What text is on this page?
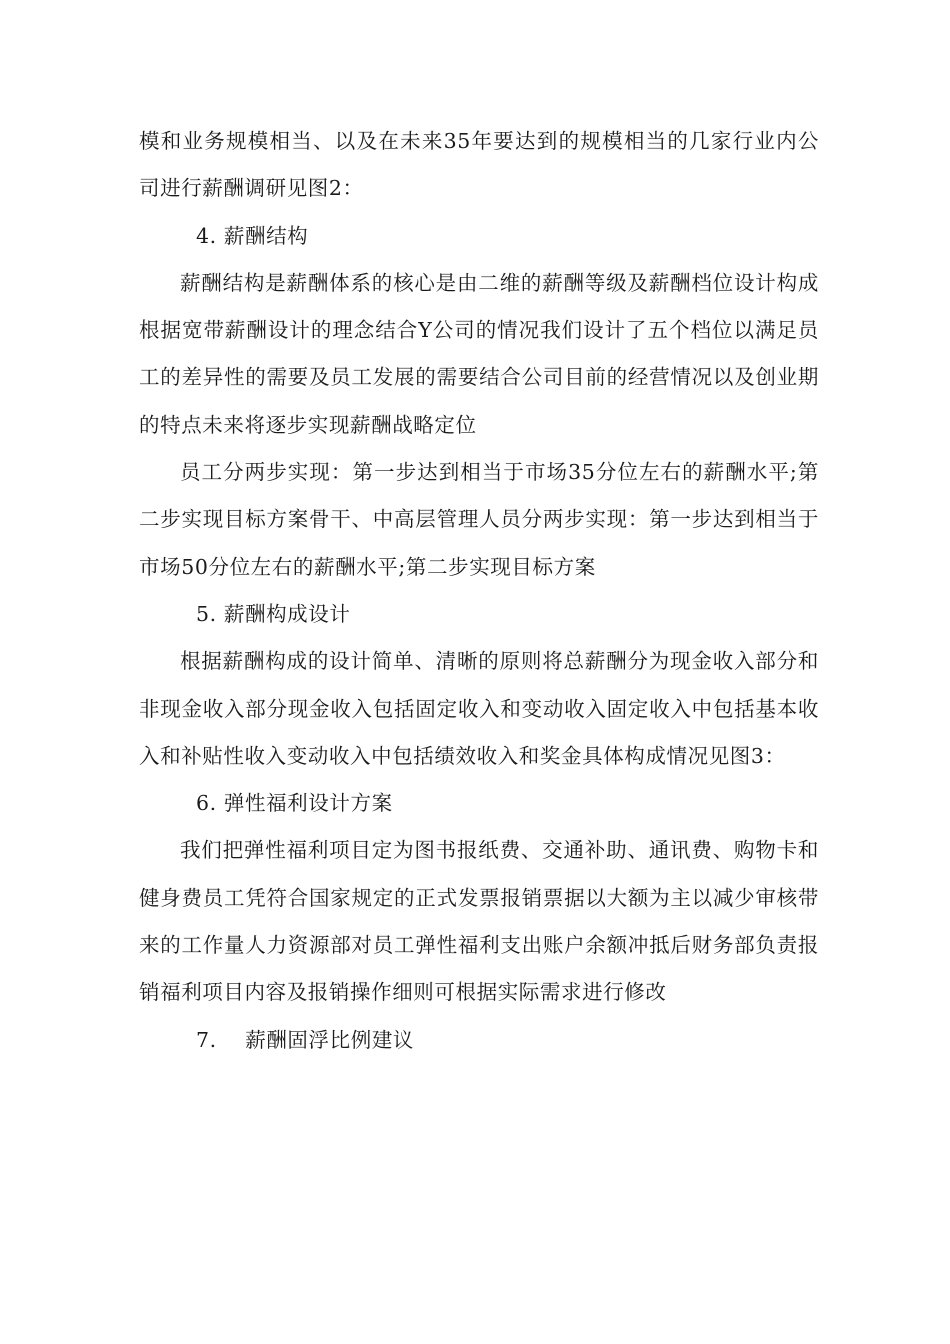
模和业务规模相当、以及在未来35年要达到的规模相当的几家行业内公司进行薪酬调研见图2：

4. 薪酬结构

薪酬结构是薪酬体系的核心是由二维的薪酬等级及薪酬档位设计构成根据宽带薪酬设计的理念结合Y公司的情况我们设计了五个档位以满足员工的差异性的需要及员工发展的需要结合公司目前的经营情况以及创业期的特点未来将逐步实现薪酬战略定位

员工分两步实现：第一步达到相当于市场35分位左右的薪酬水平;第二步实现目标方案骨干、中高层管理人员分两步实现：第一步达到相当于市场50分位左右的薪酬水平;第二步实现目标方案

5. 薪酬构成设计

根据薪酬构成的设计简单、清晰的原则将总薪酬分为现金收入部分和非现金收入部分现金收入包括固定收入和变动收入固定收入中包括基本收入和补贴性收入变动收入中包括绩效收入和奖金具体构成情况见图3：

6. 弹性福利设计方案

我们把弹性福利项目定为图书报纸费、交通补助、通讯费、购物卡和健身费员工凭符合国家规定的正式发票报销票据以大额为主以减少审核带来的工作量人力资源部对员工弹性福利支出账户余额冲抵后财务部负责报销福利项目内容及报销操作细则可根据实际需求进行修改

7.    薪酬固浮比例建议
